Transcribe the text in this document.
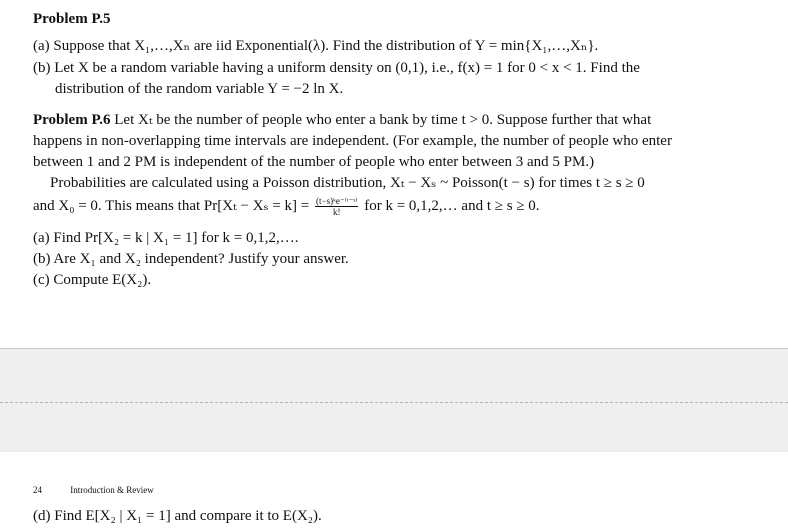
Problem P.5
(a) Suppose that X₁,…,Xₙ are iid Exponential(λ). Find the distribution of Y = min{X₁,…,Xₙ}.
(b) Let X be a random variable having a uniform density on (0,1), i.e., f(x) = 1 for 0 < x < 1. Find the
distribution of the random variable Y = −2 ln X.
Problem P.6 Let Xₜ be the number of people who enter a bank by time t > 0. Suppose further that what
happens in non-overlapping time intervals are independent. (For example, the number of people who enter
between 1 and 2 PM is independent of the number of people who enter between 3 and 5 PM.)
Probabilities are calculated using a Poisson distribution, Xₜ − Xₛ ~ Poisson(t − s) for times t ≥ s ≥ 0
and X₀ = 0. This means that $Pr[X_t - X_s = k] = \frac{\text{(t−s)ᵏe⁻⁽ᵗ⁻ˢ⁾}}{k!}$ for k = 0,1,2,… and t ≥ s ≥ 0.
(a) Find Pr[X₂ = k | X₁ = 1] for k = 0,1,2,….
(b) Are X₁ and X₂ independent? Justify your answer.
(c) Compute E(X₂).
24	Introduction & Review
(d) Find E[X₂ | X₁ = 1] and compare it to E(X₂).
